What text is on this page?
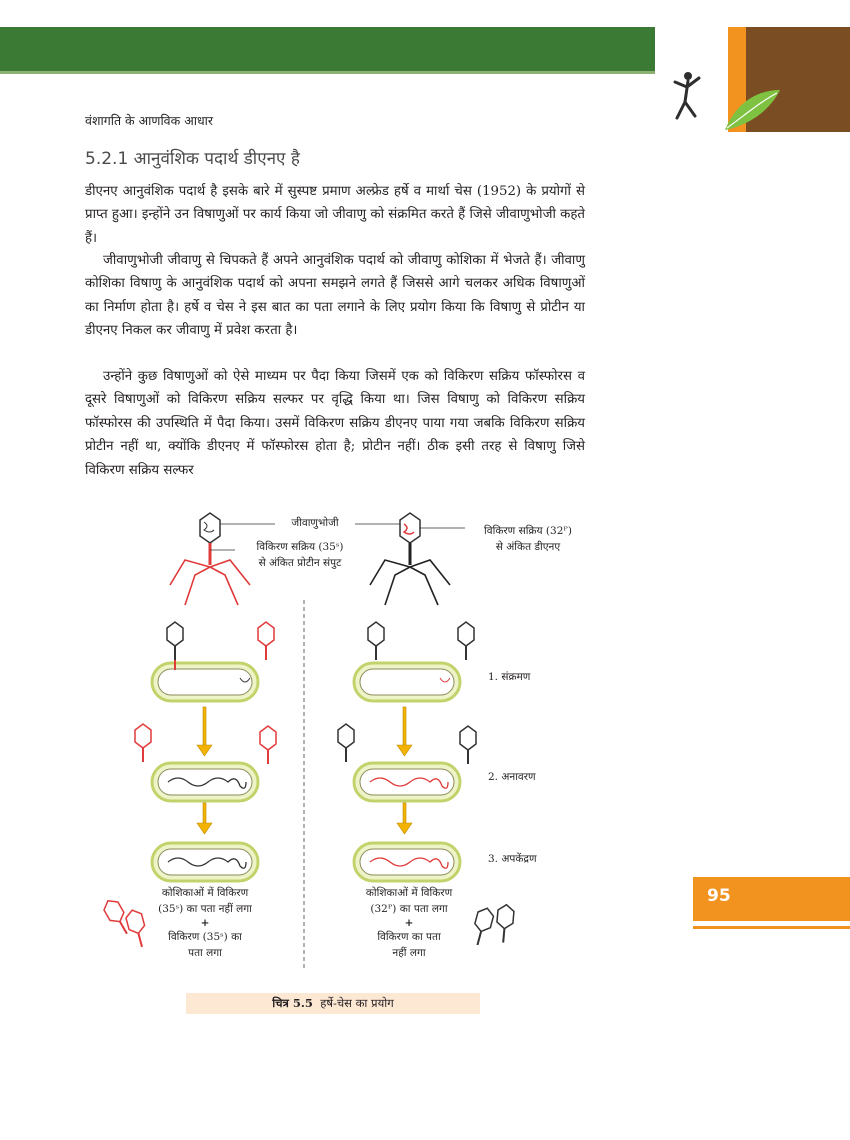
वंशागति के आणविक आधार
5.2.1 आनुवंशिक पदार्थ डीएनए है

डीएनए आनुवंशिक पदार्थ है इसके बारे में सुस्पष्ट प्रमाण अल्फ्रेड हर्षे व मार्था चेस (1952) के प्रयोगों से प्राप्त हुआ। इन्होंने उन विषाणुओं पर कार्य किया जो जीवाणु को संक्रमित करते हैं जिसे जीवाणुभोजी कहते हैं।

जीवाणुभोजी जीवाणु से चिपकते हैं अपने आनुवंशिक पदार्थ को जीवाणु कोशिका में भेजते हैं। जीवाणु कोशिका विषाणु के आनुवंशिक पदार्थ को अपना समझने लगते हैं जिससे आगे चलकर अधिक विषाणुओं का निर्माण होता है। हर्षे व चेस ने इस बात का पता लगाने के लिए प्रयोग किया कि विषाणु से प्रोटीन या डीएनए निकल कर जीवाणु में प्रवेश करता है।

उन्होंने कुछ विषाणुओं को ऐसे माध्यम पर पैदा किया जिसमें एक को विकिरण सक्रिय फॉस्फोरस व दूसरे विषाणुओं को विकिरण सक्रिय सल्फर पर वृद्धि किया था। जिस विषाणु को विकिरण सक्रिय फॉस्फोरस की उपस्थिति में पैदा किया। उसमें विकिरण सक्रिय डीएनए पाया गया जबकि विकिरण सक्रिय प्रोटीन नहीं था, क्योंकि डीएनए में फॉस्फोरस होता है; प्रोटीन नहीं। ठीक इसी तरह से विषाणु जिसे विकिरण सक्रिय सल्फर

जीवाणुभोजी
विकिरण सक्रिय (35ˢ)
से अंकित प्रोटीन संपुट
विकिरण सक्रिय (32ᴾ)
से अंकित डीएनए
1. संक्रमण
2. अनावरण
3. अपकेंद्रण
कोशिकाओं में विकिरण
(35ˢ) का पता नहीं लगा
+
विकिरण (35ˢ) का
पता लगा
कोशिकाओं में विकिरण
(32ᴾ) का पता लगा
+
विकिरण का पता
नहीं लगा
चित्र 5.5 हर्षे-चेस का प्रयोग
95
